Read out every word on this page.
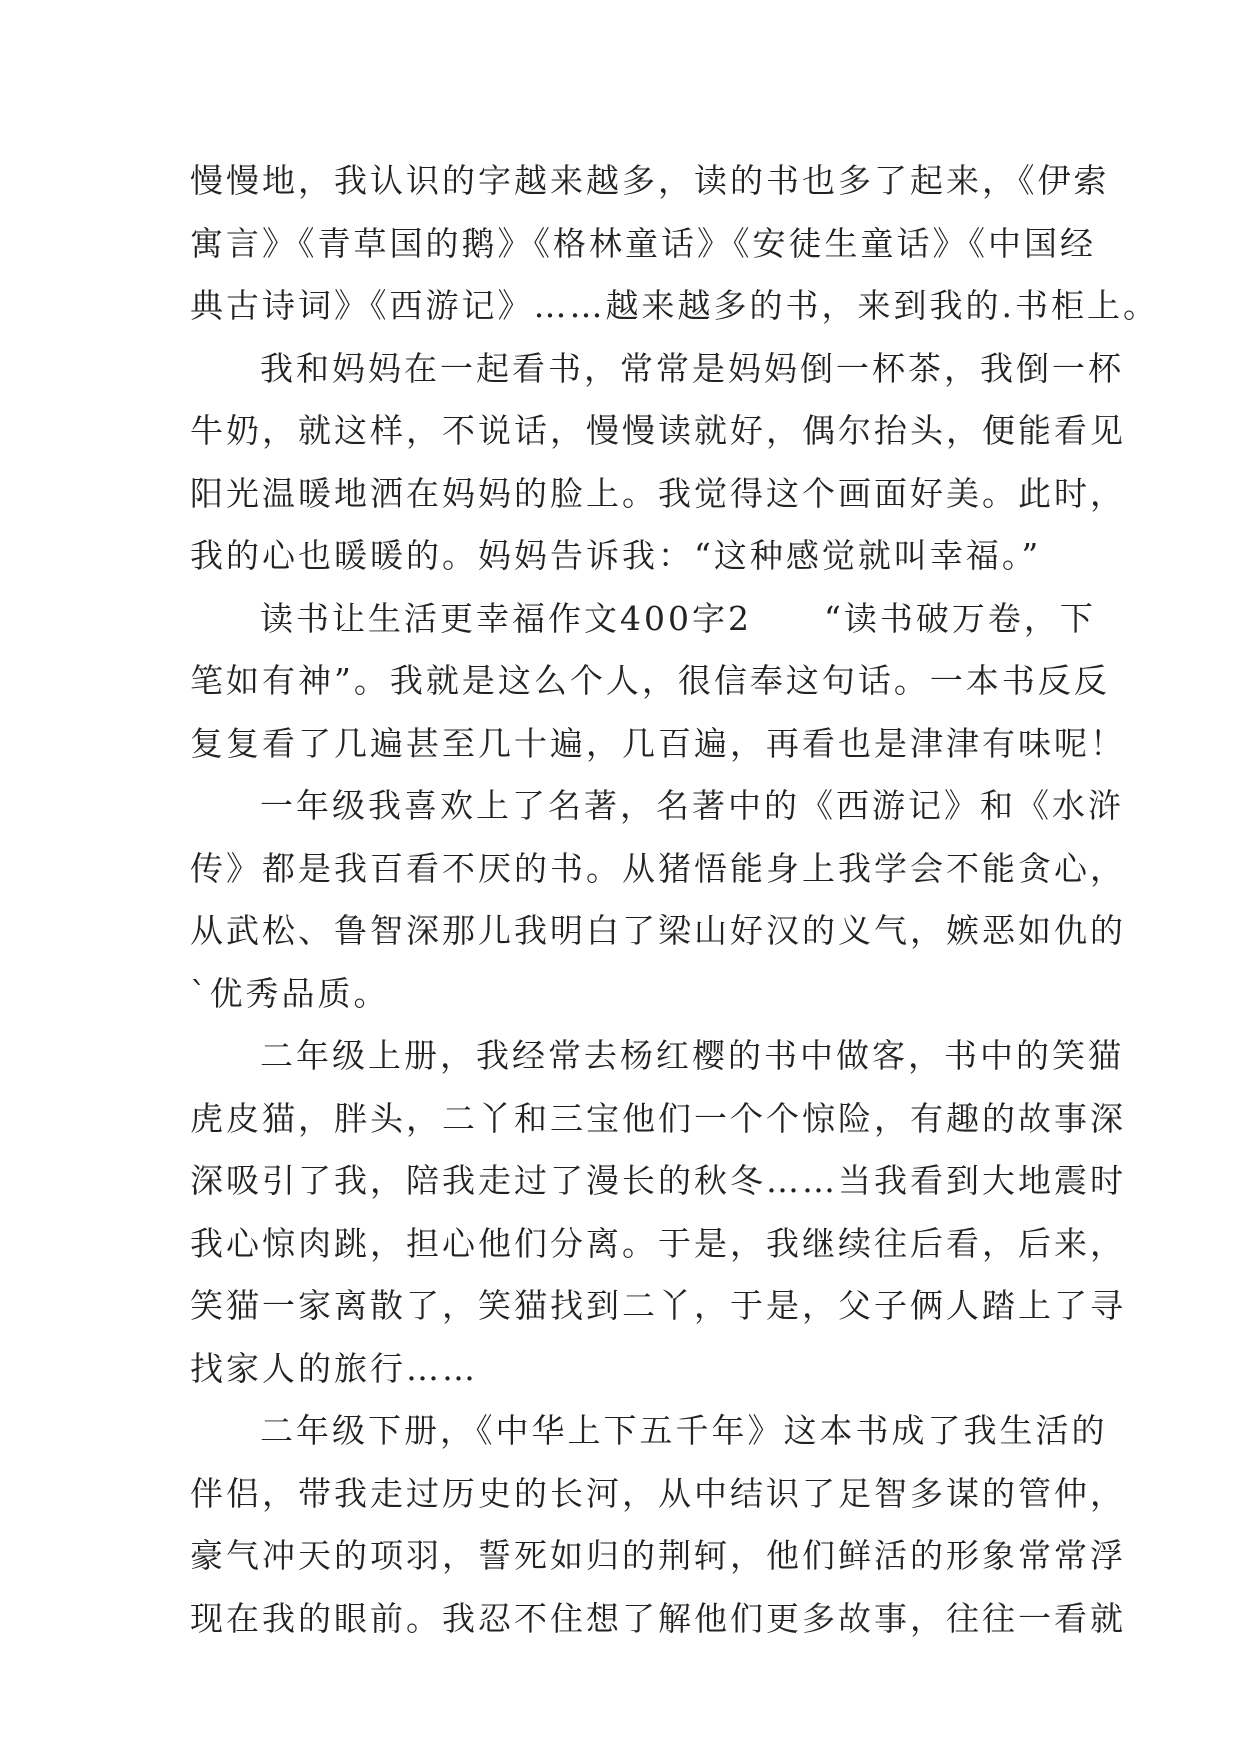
慢慢地，我认识的字越来越多，读的书也多了起来，《伊索
寓言》《青草国的鹅》《格林童话》《安徒生童话》《中国经
典古诗词》《西游记》……越来越多的书，来到我的.书柜上。
我和妈妈在一起看书，常常是妈妈倒一杯茶，我倒一杯
牛奶，就这样，不说话，慢慢读就好，偶尔抬头，便能看见
阳光温暖地洒在妈妈的脸上。我觉得这个画面好美。此时，
我的心也暖暖的。妈妈告诉我：“这种感觉就叫幸福。”
读书让生活更幸福作文400字2　　“读书破万卷，下
笔如有神”。我就是这么个人，很信奉这句话。一本书反反
复复看了几遍甚至几十遍，几百遍，再看也是津津有味呢！
一年级我喜欢上了名著，名著中的《西游记》和《水浒
传》都是我百看不厌的书。从猪悟能身上我学会不能贪心，
从武松、鲁智深那儿我明白了梁山好汉的义气，嫉恶如仇的
`优秀品质。
二年级上册，我经常去杨红樱的书中做客，书中的笑猫
虎皮猫，胖头，二丫和三宝他们一个个惊险，有趣的故事深
深吸引了我，陪我走过了漫长的秋冬……当我看到大地震时
我心惊肉跳，担心他们分离。于是，我继续往后看，后来，
笑猫一家离散了，笑猫找到二丫，于是，父子俩人踏上了寻
找家人的旅行……
二年级下册，《中华上下五千年》这本书成了我生活的
伴侣，带我走过历史的长河，从中结识了足智多谋的管仲，
豪气冲天的项羽，誓死如归的荆轲，他们鲜活的形象常常浮
现在我的眼前。我忍不住想了解他们更多故事，往往一看就
